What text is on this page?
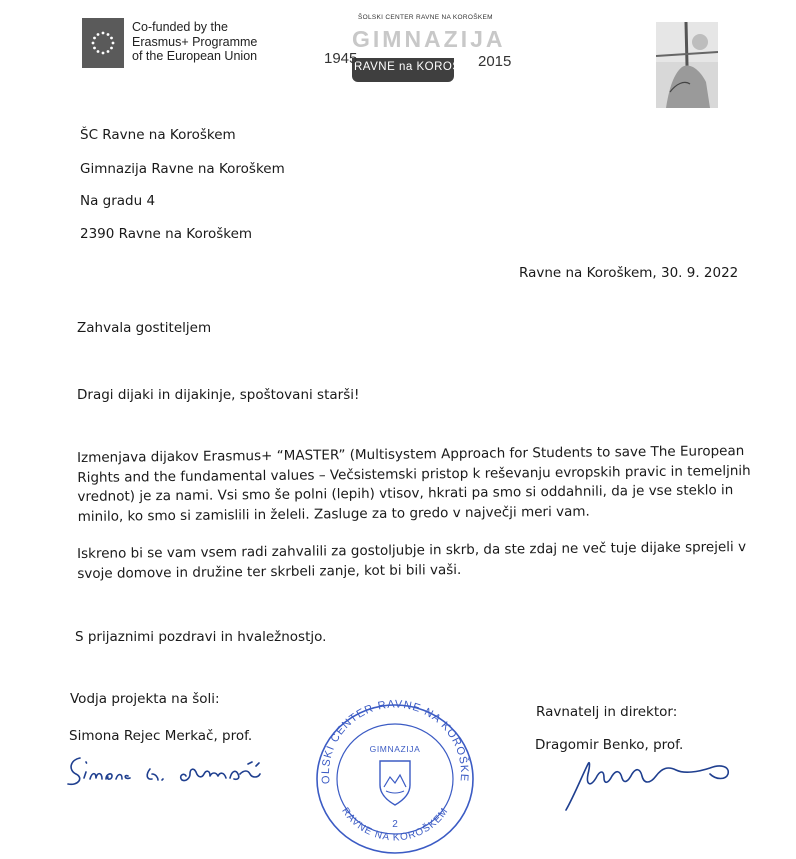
Co-funded by the
Erasmus+ Programme
of the European Union
ŠOLSKI CENTER RAVNE NA KOROŠKEM
GIMNAZIJA
RAVNE na KOROŠKEM
1945	2015
ŠC Ravne na Koroškem
Gimnazija Ravne na Koroškem
Na gradu 4
2390 Ravne na Koroškem
Ravne na Koroškem, 30. 9. 2022
Zahvala gostiteljem
Dragi dijaki in dijakinje, spoštovani starši!
Izmenjava dijakov Erasmus+ “MASTER” (Multisystem Approach for Students to save The European
Rights and the fundamental values – Večsistemski pristop k reševanju evropskih pravic in temeljnih
vrednot) je za nami. Vsi smo še polni (lepih) vtisov, hkrati pa smo si oddahnili, da je vse steklo in
minilo, ko smo si zamislili in želeli. Zasluge za to gredo v največji meri vam.
Iskreno bi se vam vsem radi zahvalili za gostoljubje in skrb, da ste zdaj ne več tuje dijake sprejeli v
svoje domove in družine ter skrbeli zanje, kot bi bili vaši.
S prijaznimi pozdravi in hvaležnostjo.
Vodja projekta na šoli:
Simona Rejec Merkač, prof.
Ravnatelj in direktor:
Dragomir Benko, prof.
OLSKI CENTER RAVNE NA KOROŠKE
GIMNAZIJA
2
RAVNE NA KOROŠKEM
